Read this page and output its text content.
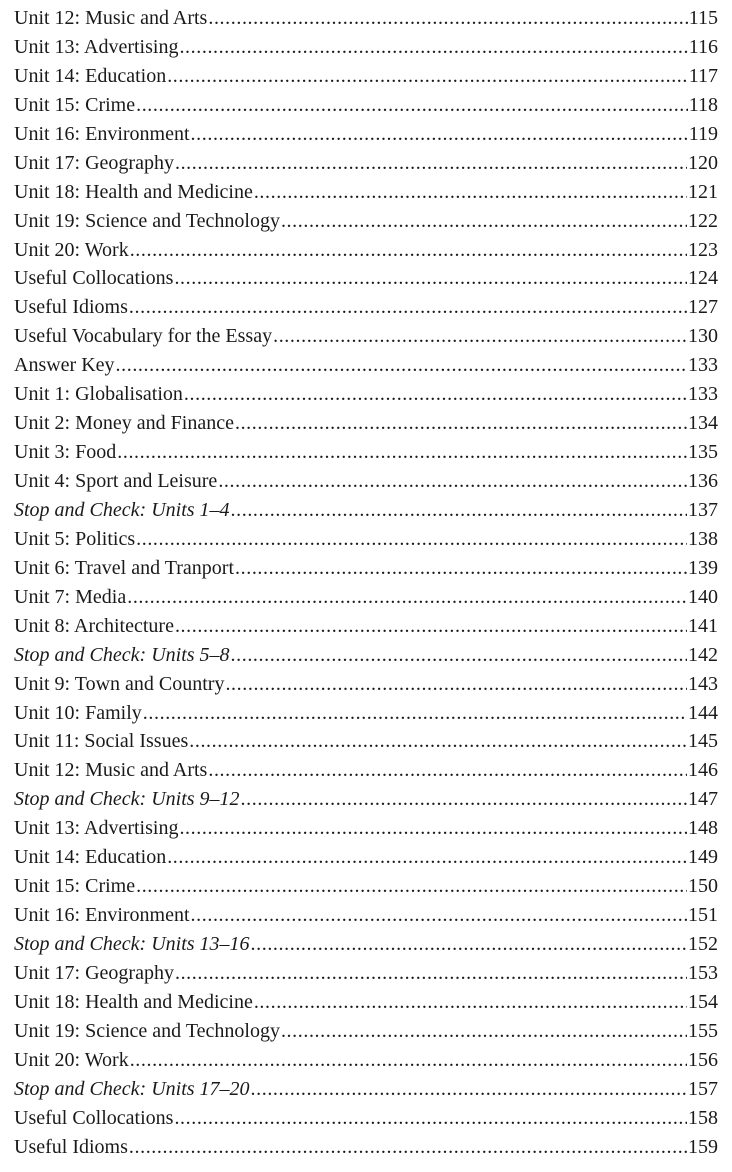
Unit 12: Music and Arts .....	115
Unit 13: Advertising .....	116
Unit 14: Education .....	117
Unit 15: Crime .....	118
Unit 16: Environment .....	119
Unit 17: Geography .....	120
Unit 18: Health and Medicine .....	121
Unit 19: Science and Technology .....	122
Unit 20: Work .....	123
Useful Collocations .....	124
Useful Idioms .....	127
Useful Vocabulary for the Essay .....	130
Answer Key .....	133
Unit 1: Globalisation .....	133
Unit 2: Money and Finance .....	134
Unit 3: Food .....	135
Unit 4: Sport and Leisure .....	136
Stop and Check: Units 1–4 .....	137
Unit 5: Politics .....	138
Unit 6: Travel and Tranport .....	139
Unit 7: Media .....	140
Unit 8: Architecture .....	141
Stop and Check: Units 5–8 .....	142
Unit 9: Town and Country .....	143
Unit 10: Family .....	144
Unit 11: Social Issues .....	145
Unit 12: Music and Arts .....	146
Stop and Check: Units 9–12 .....	147
Unit 13: Advertising .....	148
Unit 14: Education .....	149
Unit 15: Crime .....	150
Unit 16: Environment .....	151
Stop and Check: Units 13–16 .....	152
Unit 17: Geography .....	153
Unit 18: Health and Medicine .....	154
Unit 19: Science and Technology .....	155
Unit 20: Work .....	156
Stop and Check: Units 17–20 .....	157
Useful Collocations .....	158
Useful Idioms .....	159
